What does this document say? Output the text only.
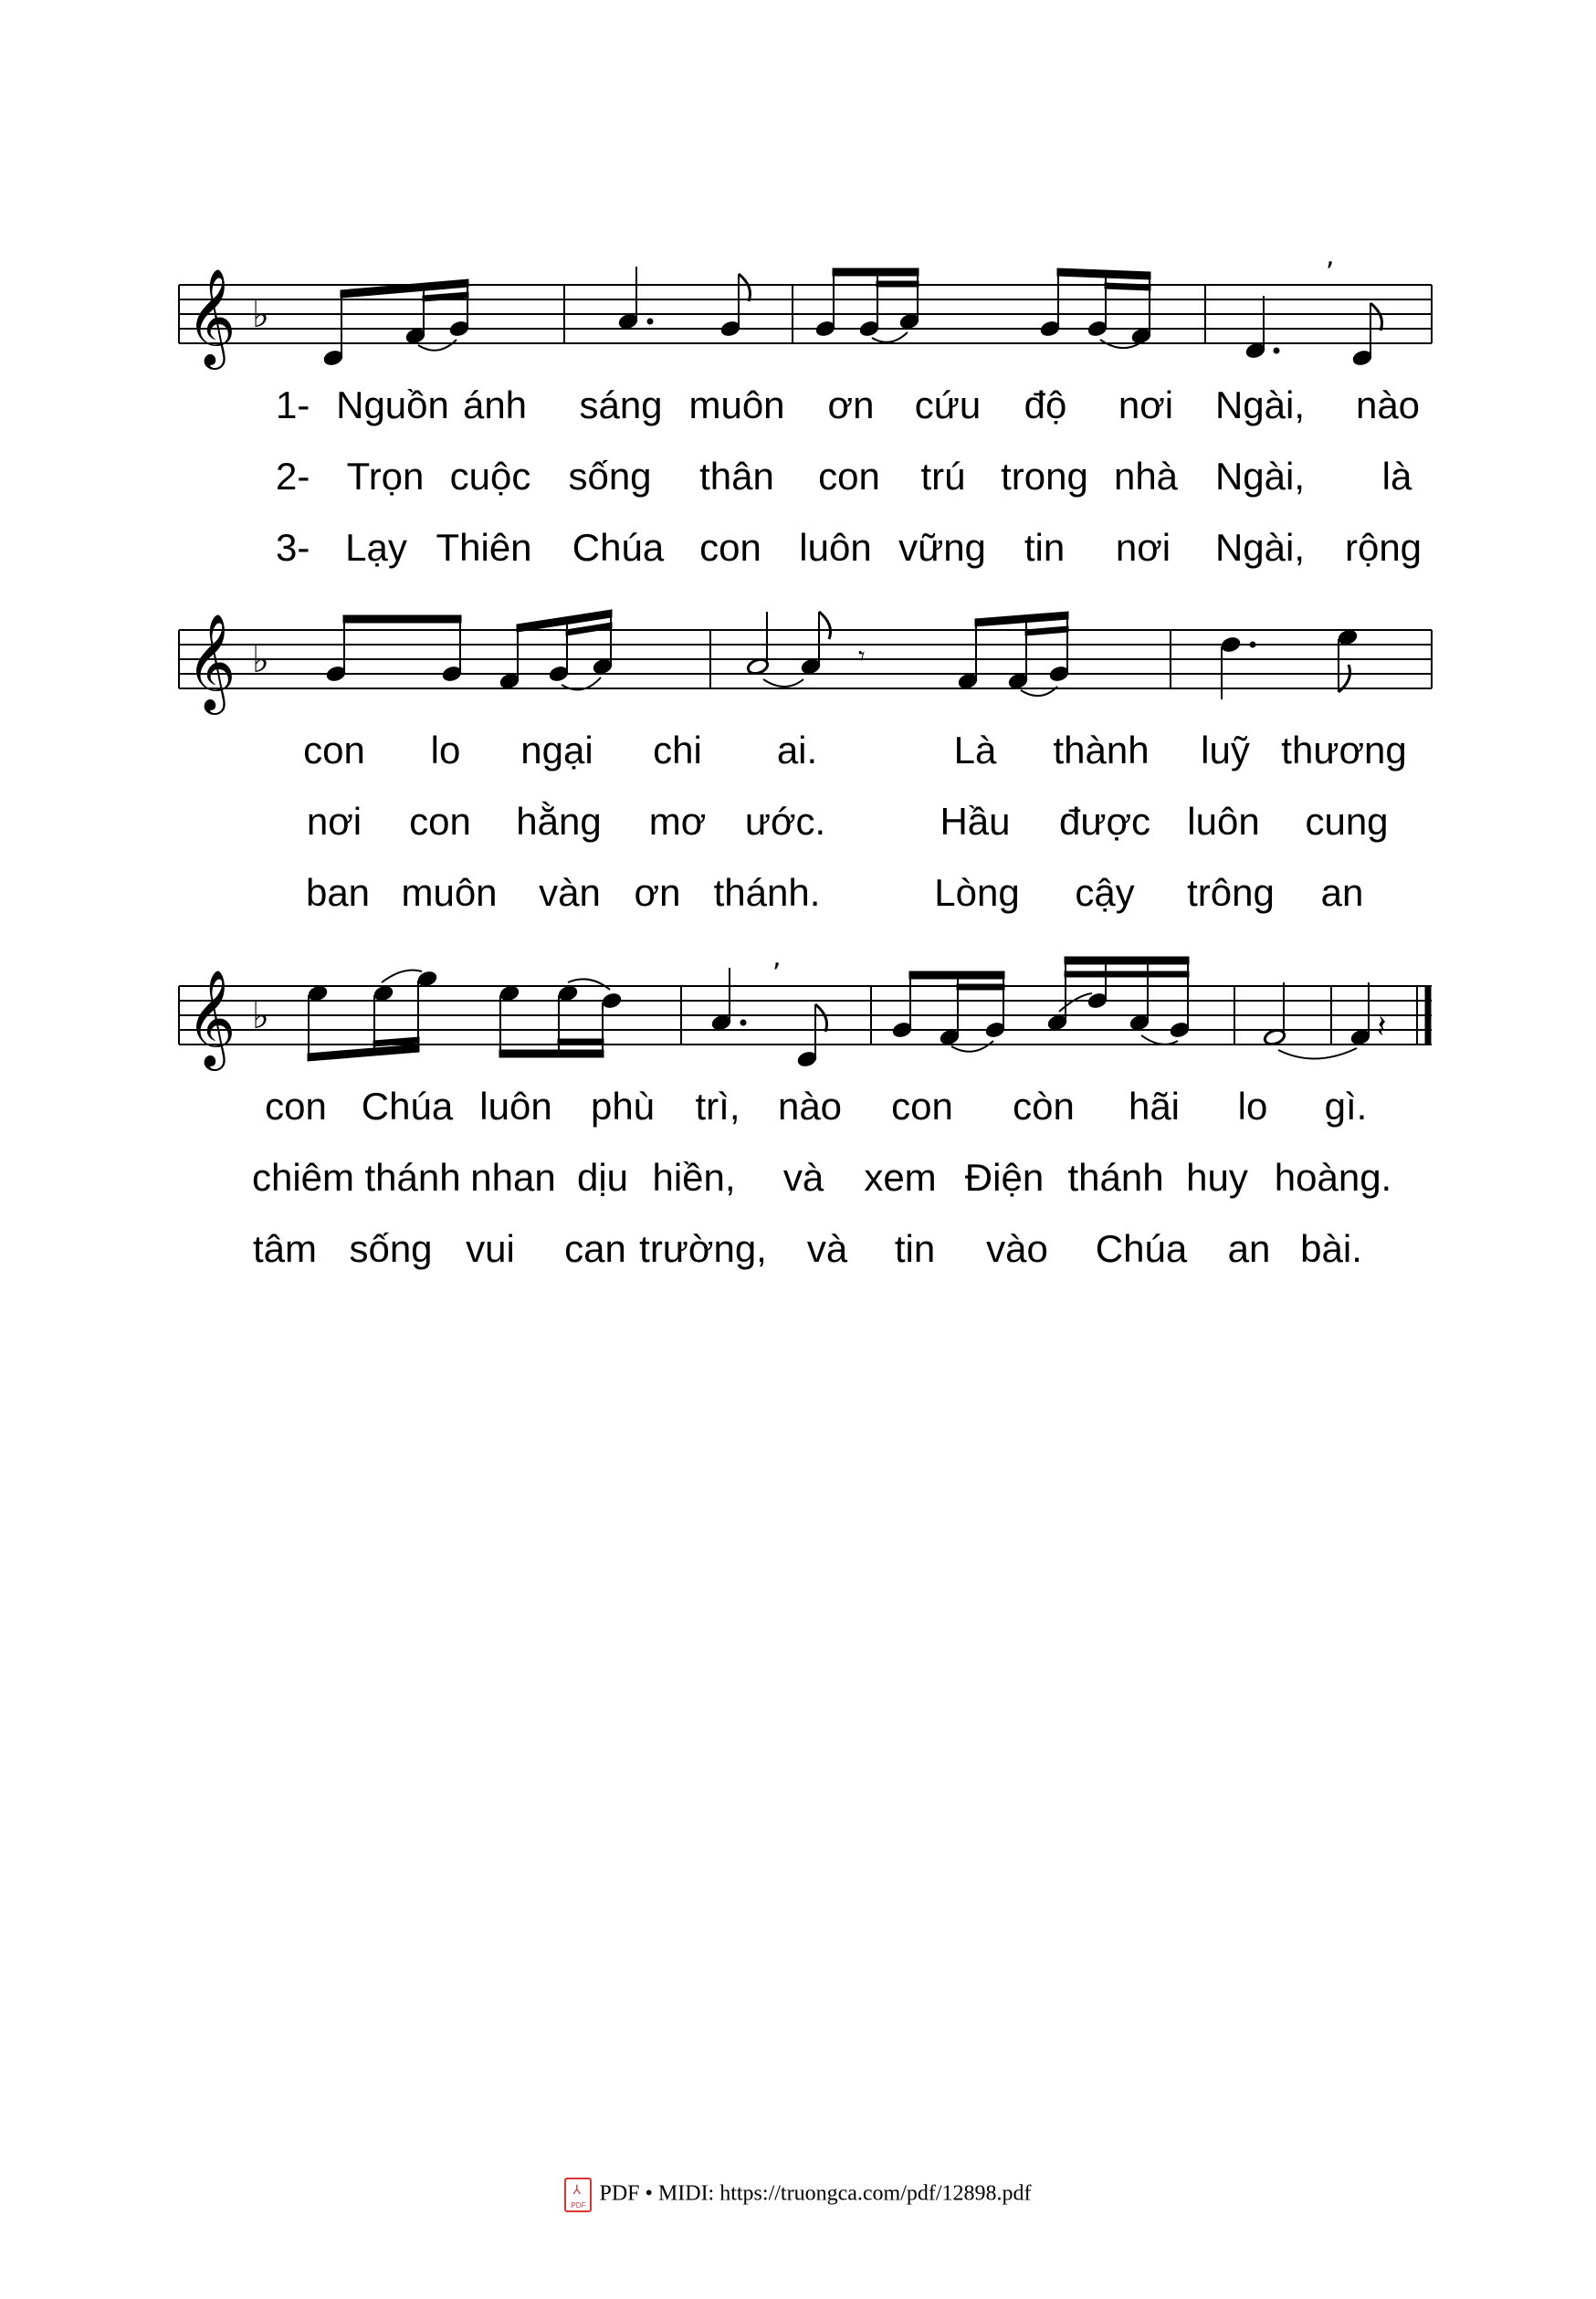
𝄞 ♭
,
1- Nguồn ánh sáng muôn ơn cứu độ nơi Ngài, nào
2- Trọn cuộc sống thân con trú trong nhà Ngài, là
3- Lạy Thiên Chúa con luôn vững tin nơi Ngài, rộng
𝄞 ♭	𝄾
con lo ngại chi ai.	Là thành luỹ thương
nơi con hằng mơ ước.	Hầu được luôn cung
ban muôn vàn ơn thánh.	Lòng cậy trông an
𝄞 ♭
,
𝄽
con Chúa luôn phù trì, nào con còn hãi lo gì.
chiêm thánh nhan dịu hiền, và xem Điện thánh huy hoàng.
tâm sống vui can trường, và tin vào Chúa an bài.
⅄
PDF PDF • MIDI: https://truongca.com/pdf/12898.pdf
